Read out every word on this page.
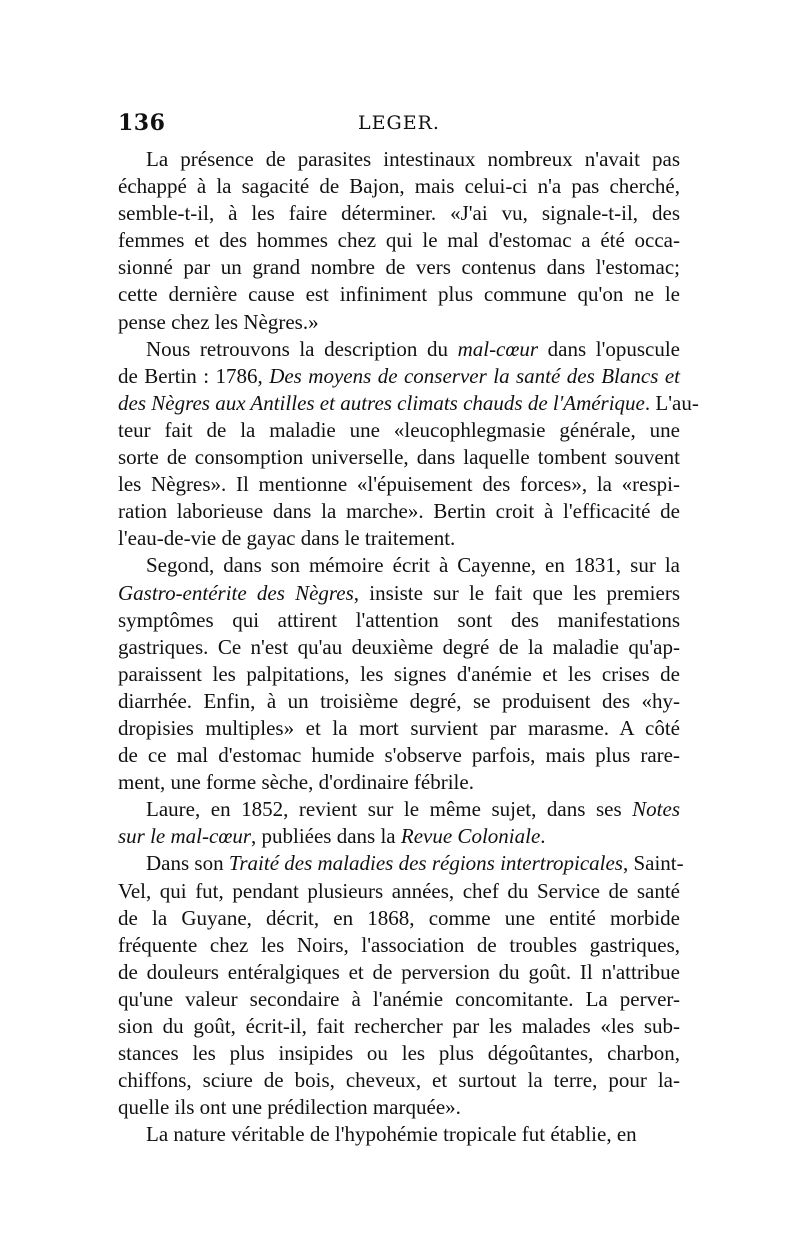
136	LEGER.
La présence de parasites intestinaux nombreux n'avait pas
échappé à la sagacité de Bajon, mais celui-ci n'a pas cherché,
semble-t-il, à les faire déterminer. «J'ai vu, signale-t-il, des
femmes et des hommes chez qui le mal d'estomac a été occa-
sionné par un grand nombre de vers contenus dans l'estomac;
cette dernière cause est infiniment plus commune qu'on ne le
pense chez les Nègres.»
Nous retrouvons la description du mal-cœur dans l'opuscule
de Bertin : 1786, Des moyens de conserver la santé des Blancs et
des Nègres aux Antilles et autres climats chauds de l'Amérique. L'au-
teur fait de la maladie une «leucophlegmasie générale, une
sorte de consomption universelle, dans laquelle tombent souvent
les Nègres». Il mentionne «l'épuisement des forces», la «respi-
ration laborieuse dans la marche». Bertin croit à l'efficacité de
l'eau-de-vie de gayac dans le traitement.
Segond, dans son mémoire écrit à Cayenne, en 1831, sur la
Gastro-entérite des Nègres, insiste sur le fait que les premiers
symptômes qui attirent l'attention sont des manifestations
gastriques. Ce n'est qu'au deuxième degré de la maladie qu'ap-
paraissent les palpitations, les signes d'anémie et les crises de
diarrhée. Enfin, à un troisième degré, se produisent des «hy-
dropisies multiples» et la mort survient par marasme. A côté
de ce mal d'estomac humide s'observe parfois, mais plus rare-
ment, une forme sèche, d'ordinaire fébrile.
Laure, en 1852, revient sur le même sujet, dans ses Notes
sur le mal-cœur, publiées dans la Revue Coloniale.
Dans son Traité des maladies des régions intertropicales, Saint-
Vel, qui fut, pendant plusieurs années, chef du Service de santé
de la Guyane, décrit, en 1868, comme une entité morbide
fréquente chez les Noirs, l'association de troubles gastriques,
de douleurs entéralgiques et de perversion du goût. Il n'attribue
qu'une valeur secondaire à l'anémie concomitante. La perver-
sion du goût, écrit-il, fait rechercher par les malades «les sub-
stances les plus insipides ou les plus dégoûtantes, charbon,
chiffons, sciure de bois, cheveux, et surtout la terre, pour la-
quelle ils ont une prédilection marquée».
La nature véritable de l'hypohémie tropicale fut établie, en
